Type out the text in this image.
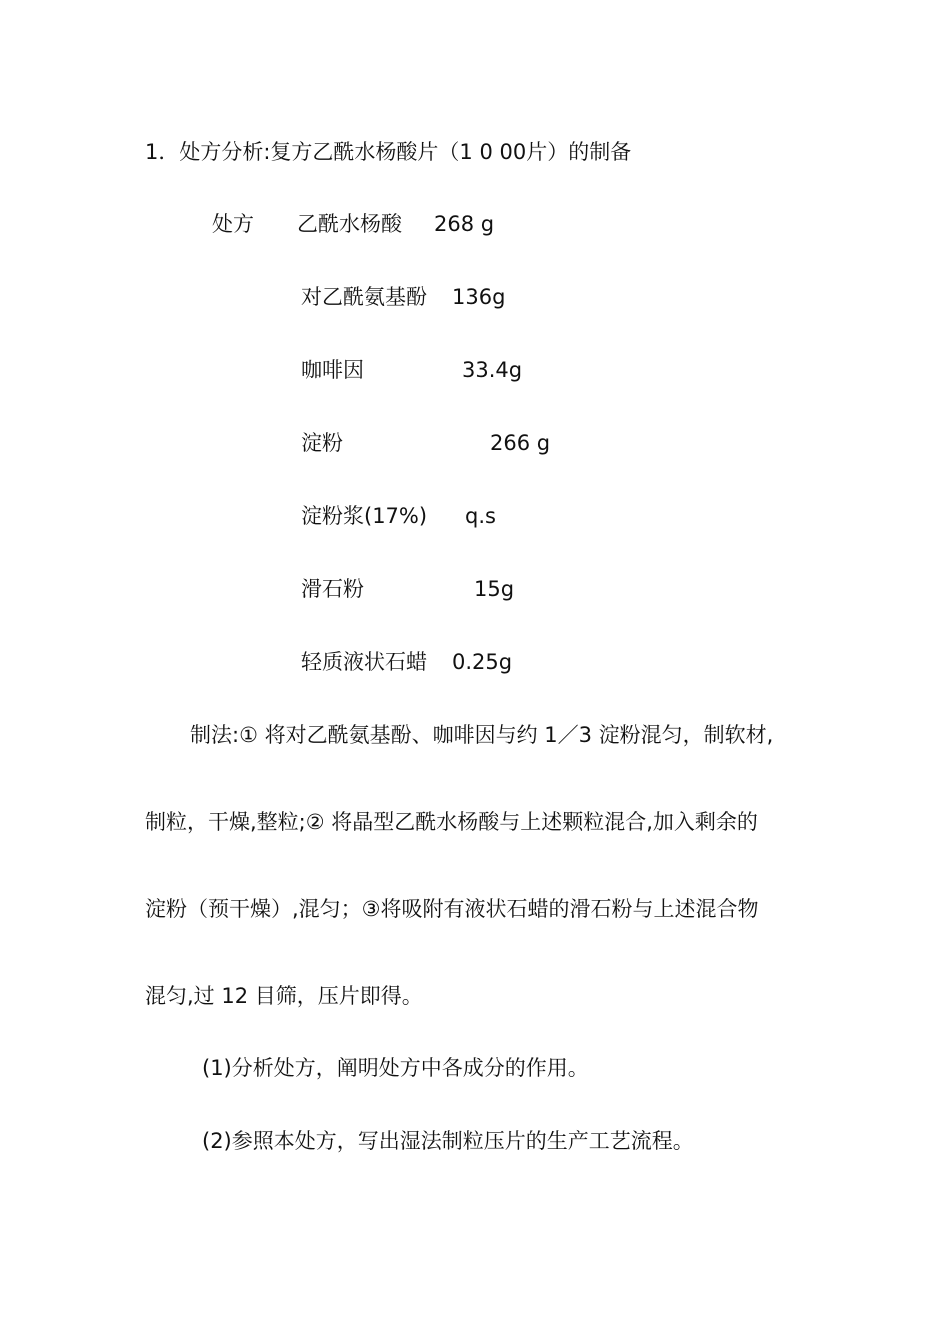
1．处方分析:复方乙酰水杨酸片（1 0 00片）的制备
处方 乙酰水杨酸 268 g
对乙酰氨基酚 136g
咖啡因	33.4g
淀粉	266 g
淀粉浆(17%) q.s
滑石粉	15g
轻质液状石蜡 0.25g
制法:① 将对乙酰氨基酚、咖啡因与约 1／3 淀粉混匀，制软材,
制粒，干燥,整粒;② 将晶型乙酰水杨酸与上述颗粒混合,加入剩余的
淀粉（预干燥）,混匀；③将吸附有液状石蜡的滑石粉与上述混合物
混匀,过 12 目筛，压片即得。
(1)分析处方，阐明处方中各成分的作用。
(2)参照本处方，写出湿法制粒压片的生产工艺流程。
